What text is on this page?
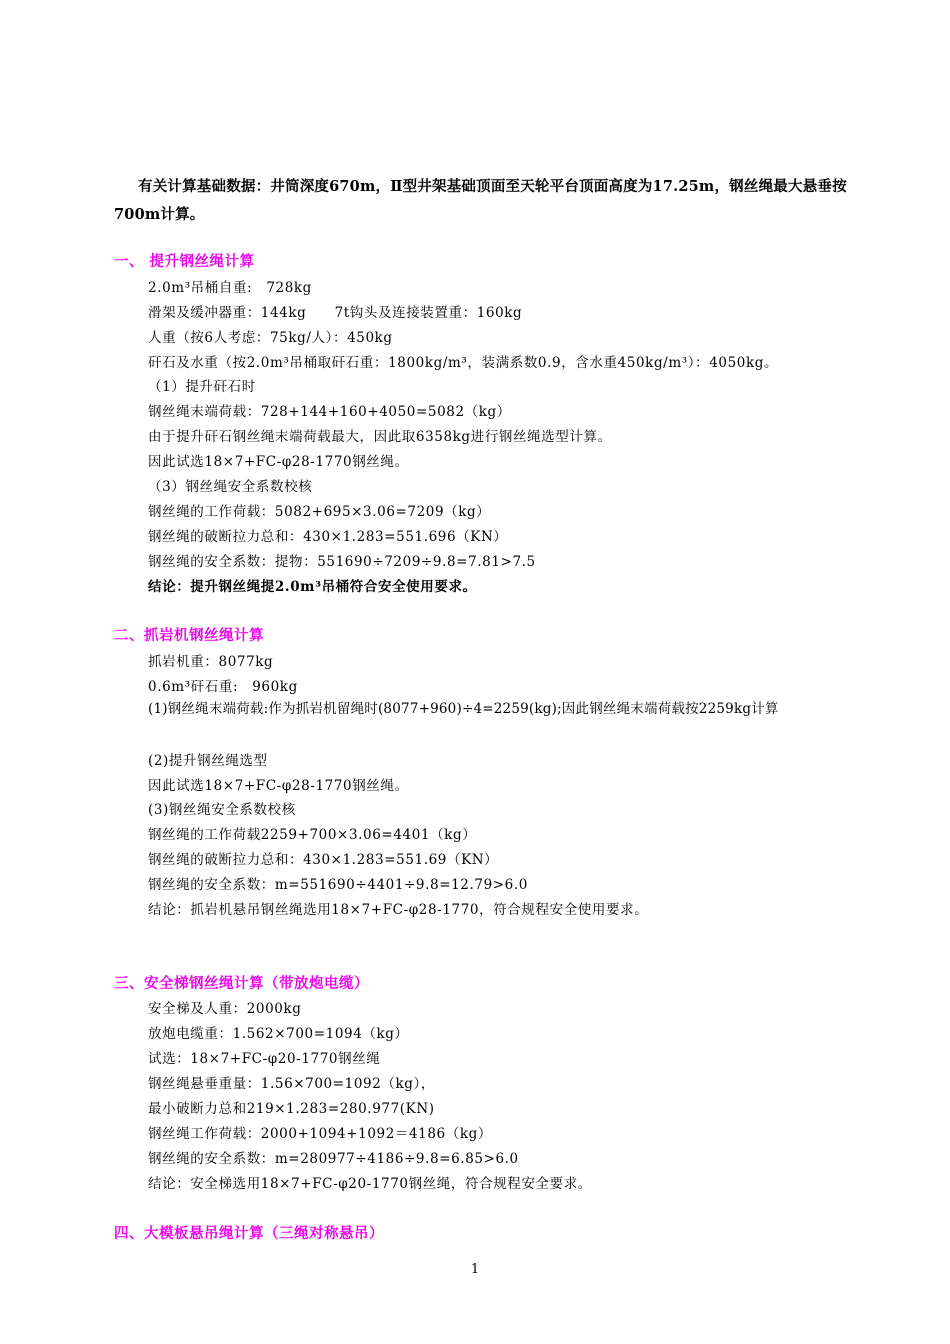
有关计算基础数据：井筒深度670m，Ⅱ型井架基础顶面至天轮平台顶面高度为17.25m，钢丝绳最大悬垂按700m计算。
一、 提升钢丝绳计算
2.0m³吊桶自重:　728kg
滑架及缓冲器重：144kg　　7t钩头及连接装置重：160kg
人重（按6人考虑：75kg/人）：450kg
矸石及水重（按2.0m³吊桶取矸石重：1800kg/m³，装满系数0.9，含水重450kg/m³）：4050kg。
（1）提升矸石时
钢丝绳末端荷载：728+144+160+4050=5082（kg）
由于提升矸石钢丝绳末端荷载最大，因此取6358kg进行钢丝绳选型计算。
因此试选18×7+FC-φ28-1770钢丝绳。
（3）钢丝绳安全系数校核
钢丝绳的工作荷载：5082+695×3.06=7209（kg）
钢丝绳的破断拉力总和：430×1.283=551.696（KN）
钢丝绳的安全系数：提物：551690÷7209÷9.8=7.81>7.5
结论：提升钢丝绳提2.0m³吊桶符合安全使用要求。
二、抓岩机钢丝绳计算
抓岩机重：8077kg
0.6m³矸石重:　960kg
(1)钢丝绳末端荷载:作为抓岩机留绳时(8077+960)÷4=2259(kg);因此钢丝绳末端荷载按2259kg计算
(2)提升钢丝绳选型
因此试选18×7+FC-φ28-1770钢丝绳。
(3)钢丝绳安全系数校核
钢丝绳的工作荷载2259+700×3.06=4401（kg）
钢丝绳的破断拉力总和：430×1.283=551.69（KN）
钢丝绳的安全系数：m=551690÷4401÷9.8=12.79>6.0
结论：抓岩机悬吊钢丝绳选用18×7+FC-φ28-1770，符合规程安全使用要求。
三、安全梯钢丝绳计算（带放炮电缆）
安全梯及人重：2000kg
放炮电缆重：1.562×700=1094（kg）
试选：18×7+FC-φ20-1770钢丝绳
钢丝绳悬垂重量：1.56×700=1092（kg），
最小破断力总和219×1.283=280.977(KN)
钢丝绳工作荷载：2000+1094+1092＝4186（kg）
钢丝绳的安全系数：m=280977÷4186÷9.8=6.85>6.0
结论：安全梯选用18×7+FC-φ20-1770钢丝绳，符合规程安全要求。
四、大模板悬吊绳计算（三绳对称悬吊）
1
